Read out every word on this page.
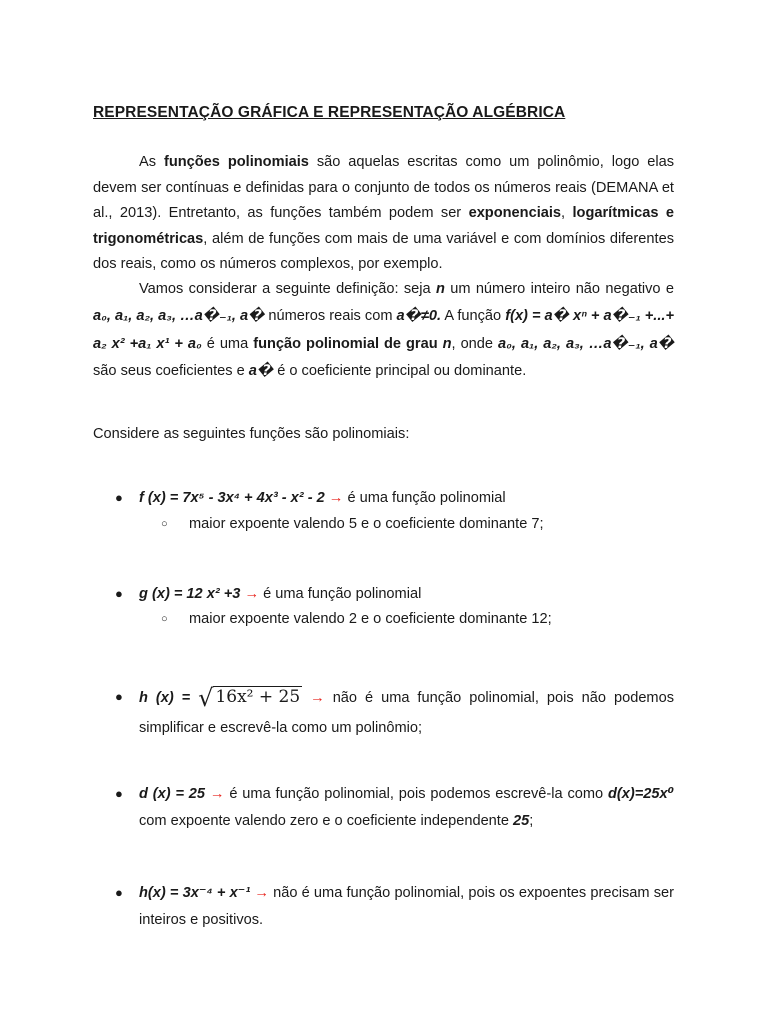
REPRESENTAÇÃO GRÁFICA E REPRESENTAÇÃO ALGÉBRICA

As funções polinomiais são aquelas escritas como um polinômio, logo elas devem ser contínuas e definidas para o conjunto de todos os números reais (DEMANA et al., 2013). Entretanto, as funções também podem ser exponenciais, logarítmicas e trigonométricas, além de funções com mais de uma variável e com domínios diferentes dos reais, como os números complexos, por exemplo.

Vamos considerar a seguinte definição: seja n um número inteiro não negativo e a₀, a₁, a₂, a₃, …a�₋₁, a� números reais com a�≠0. A função f(x) = a� xⁿ + a�₋₁ +...+ a₂ x² +a₁ x¹ + a₀ é uma função polinomial de grau n, onde a₀, a₁, a₂, a₃, …a�₋₁, a� são seus coeficientes e a� é o coeficiente principal ou dominante.

Considere as seguintes funções são polinomiais:

● f (x) = 7x⁵ - 3x⁴ + 4x³ - x² - 2 → é uma função polinomial

○ maior expoente valendo 5 e o coeficiente dominante 7;

● g (x) = 12 x² +3 → é uma função polinomial

○ maior expoente valendo 2 e o coeficiente dominante 12;

● h (x) = √ 16x² + 25 → não é uma função polinomial, pois não podemos simplificar e escrevê-la como um polinômio;

● d (x) = 25 → é uma função polinomial, pois podemos escrevê-la como d(x)=25x⁰ com expoente valendo zero e o coeficiente independente 25;

● h(x) = 3x⁻⁴ + x⁻¹ → não é uma função polinomial, pois os expoentes precisam ser inteiros e positivos.
